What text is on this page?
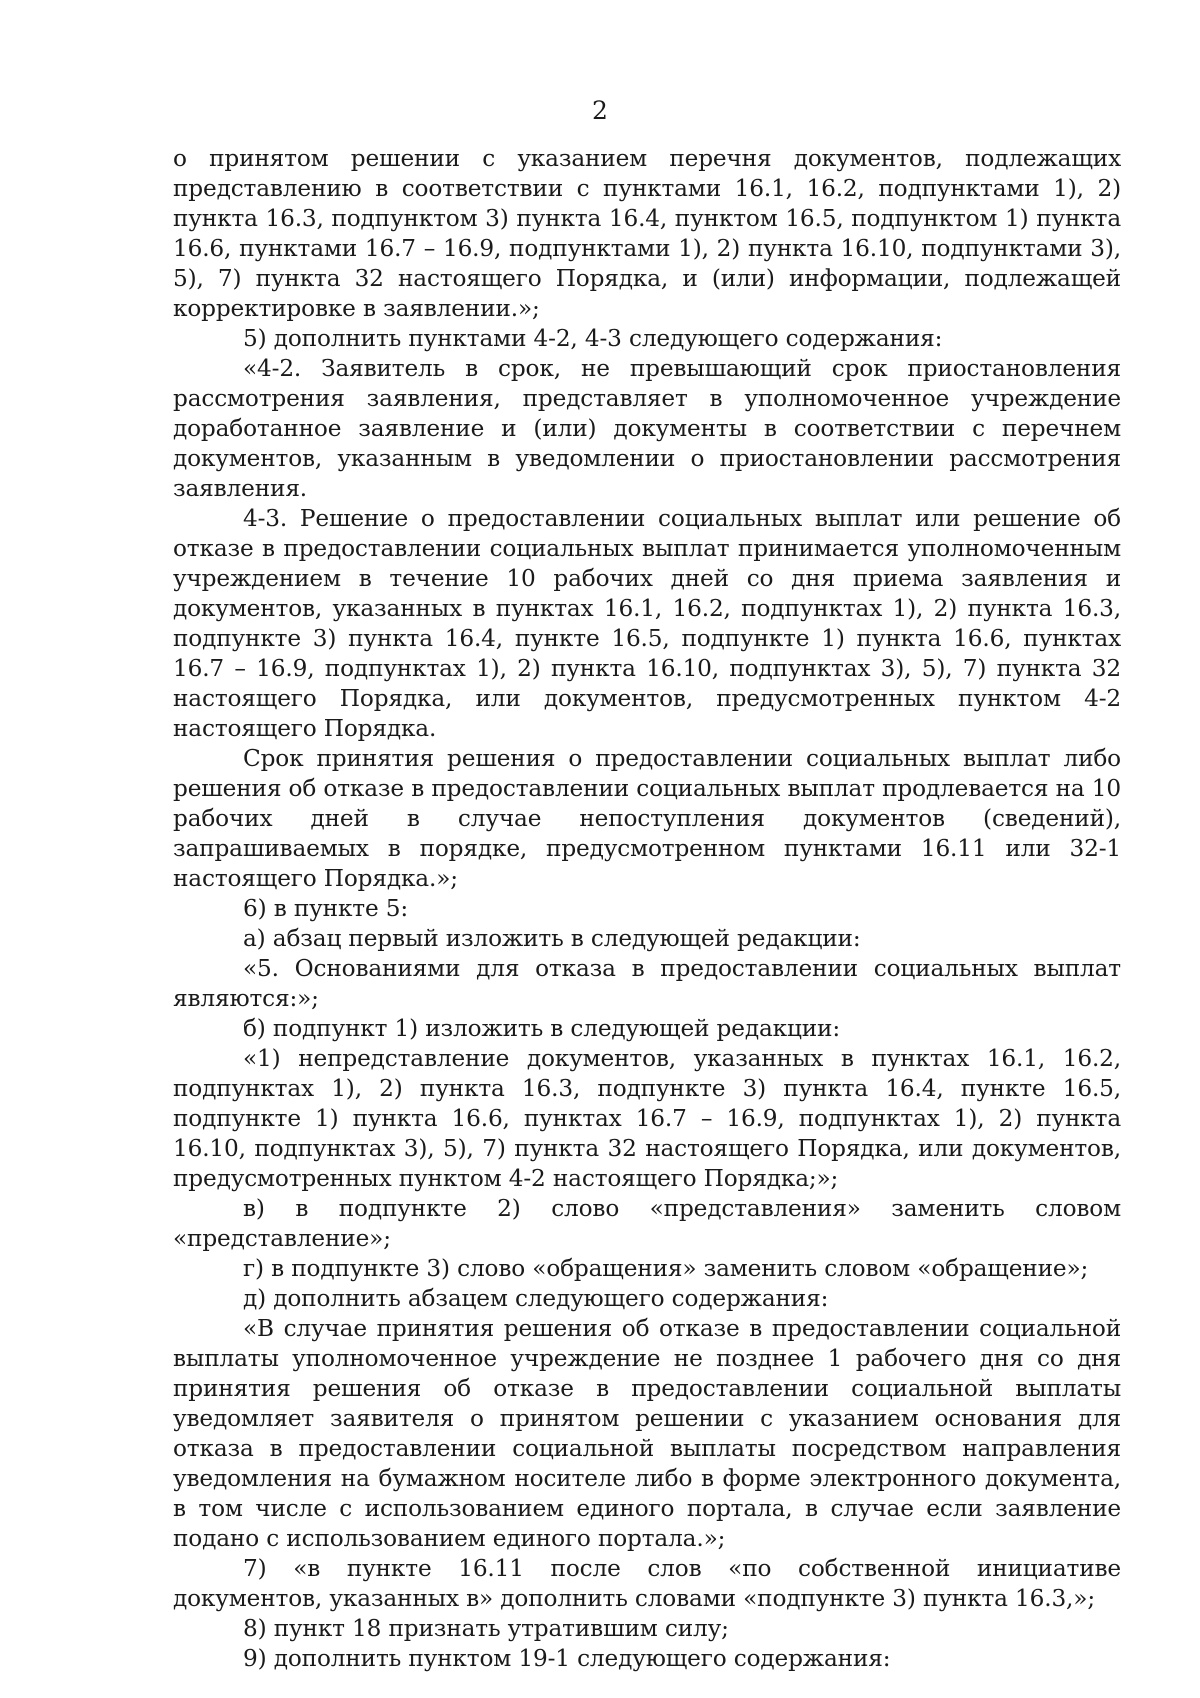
2

о принятом решении с указанием перечня документов, подлежащих представлению в соответствии с пунктами 16.1, 16.2, подпунктами 1), 2) пункта 16.3, подпунктом 3) пункта 16.4, пунктом 16.5, подпунктом 1) пункта 16.6, пунктами 16.7 – 16.9, подпунктами 1), 2) пункта 16.10, подпунктами 3), 5), 7) пункта 32 настоящего Порядка, и (или) информации, подлежащей корректировке в заявлении.»;

5) дополнить пунктами 4-2, 4-3 следующего содержания:

«4-2. Заявитель в срок, не превышающий срок приостановления рассмотрения заявления, представляет в уполномоченное учреждение доработанное заявление и (или) документы в соответствии с перечнем документов, указанным в уведомлении о приостановлении рассмотрения заявления.

4-3. Решение о предоставлении социальных выплат или решение об отказе в предоставлении социальных выплат принимается уполномоченным учреждением в течение 10 рабочих дней со дня приема заявления и документов, указанных в пунктах 16.1, 16.2, подпунктах 1), 2) пункта 16.3, подпункте 3) пункта 16.4, пункте 16.5, подпункте 1) пункта 16.6, пунктах 16.7 – 16.9, подпунктах 1), 2) пункта 16.10, подпунктах 3), 5), 7) пункта 32 настоящего Порядка, или документов, предусмотренных пунктом 4-2 настоящего Порядка.

Срок принятия решения о предоставлении социальных выплат либо решения об отказе в предоставлении социальных выплат продлевается на 10 рабочих дней в случае непоступления документов (сведений), запрашиваемых в порядке, предусмотренном пунктами 16.11 или 32-1 настоящего Порядка.»;

6) в пункте 5:

а) абзац первый изложить в следующей редакции:

«5. Основаниями для отказа в предоставлении социальных выплат являются:»;

б) подпункт 1) изложить в следующей редакции:

«1) непредставление документов, указанных в пунктах 16.1, 16.2, подпунктах 1), 2) пункта 16.3, подпункте 3) пункта 16.4, пункте 16.5, подпункте 1) пункта 16.6, пунктах 16.7 – 16.9, подпунктах 1), 2) пункта 16.10, подпунктах 3), 5), 7) пункта 32 настоящего Порядка, или документов, предусмотренных пунктом 4-2 настоящего Порядка;»;

в) в подпункте 2) слово «представления» заменить словом «представление»;

г) в подпункте 3) слово «обращения» заменить словом «обращение»;

д) дополнить абзацем следующего содержания:

«В случае принятия решения об отказе в предоставлении социальной выплаты уполномоченное учреждение не позднее 1 рабочего дня со дня принятия решения об отказе в предоставлении социальной выплаты уведомляет заявителя о принятом решении с указанием основания для отказа в предоставлении социальной выплаты посредством направления уведомления на бумажном носителе либо в форме электронного документа, в том числе с использованием единого портала, в случае если заявление подано с использованием единого портала.»;

7) «в пункте 16.11 после слов «по собственной инициативе документов, указанных в» дополнить словами «подпункте 3) пункта 16.3,»;

8) пункт 18 признать утратившим силу;

9) дополнить пунктом 19-1 следующего содержания:
